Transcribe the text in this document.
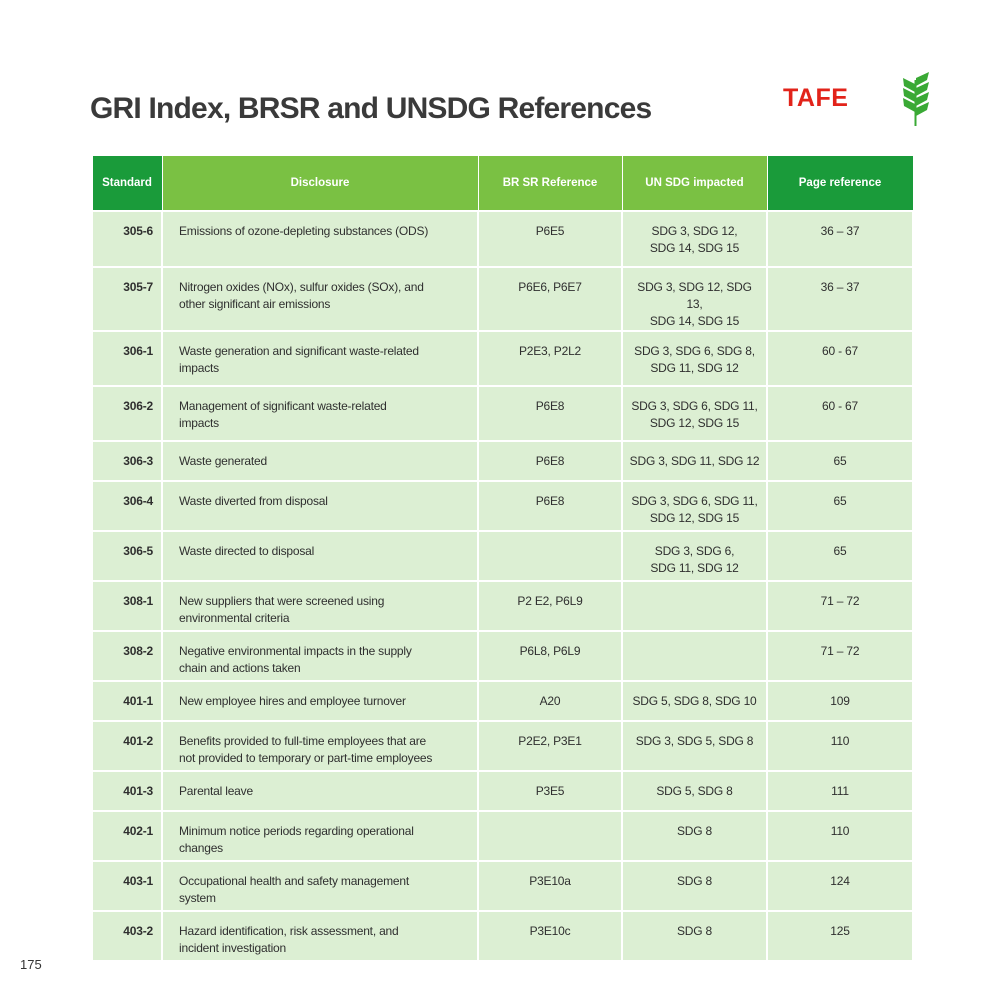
GRI Index, BRSR and UNSDG References	TAFE
Standard	Disclosure	BR SR Reference	UN SDG impacted	Page reference
305-6	Emissions of ozone-depleting substances (ODS)	P6E5	SDG 3, SDG 12,
SDG 14, SDG 15	36 – 37
305-7	Nitrogen oxides (NOx), sulfur oxides (SOx), and
other significant air emissions	P6E6, P6E7	SDG 3, SDG 12, SDG 13,
SDG 14, SDG 15	36 – 37
306-1	Waste generation and significant waste-related
impacts	P2E3, P2L2	SDG 3, SDG 6, SDG 8,
SDG 11, SDG 12	60 - 67
306-2	Management of significant waste-related
impacts	P6E8	SDG 3, SDG 6, SDG 11,
SDG 12, SDG 15	60 - 67
306-3	Waste generated	P6E8	SDG 3, SDG 11, SDG 12	65
306-4	Waste diverted from disposal	P6E8	SDG 3, SDG 6, SDG 11,
SDG 12, SDG 15	65
306-5	Waste directed to disposal		SDG 3, SDG 6,
SDG 11, SDG 12	65
308-1	New suppliers that were screened using
environmental criteria	P2 E2, P6L9		71 – 72
308-2	Negative environmental impacts in the supply
chain and actions taken	P6L8, P6L9		71 – 72
401-1	New employee hires and employee turnover	A20	SDG 5, SDG 8, SDG 10	109
401-2	Benefits provided to full-time employees that are
not provided to temporary or part-time employees	P2E2, P3E1	SDG 3, SDG 5, SDG 8	110
401-3	Parental leave	P3E5	SDG 5, SDG 8	111
402-1	Minimum notice periods regarding operational
changes		SDG 8	110
403-1	Occupational health and safety management
system	P3E10a	SDG 8	124
403-2	Hazard identification, risk assessment, and
incident investigation	P3E10c	SDG 8	125
175
